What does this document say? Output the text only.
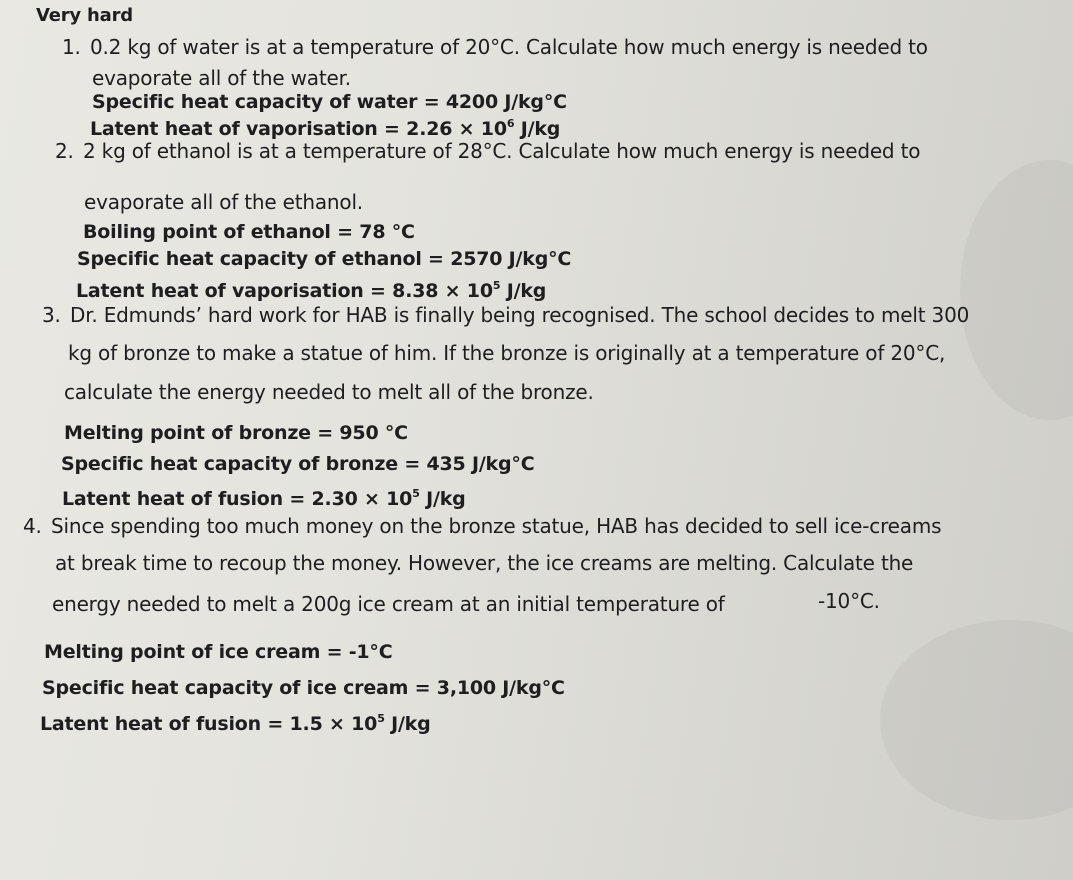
Very hard
1. 0.2 kg of water is at a temperature of 20°C. Calculate how much energy is needed to
evaporate all of the water.
Specific heat capacity of water = 4200 J/kg°C
Latent heat of vaporisation = $2.26 \times 10^6$ J/kg
2. 2 kg of ethanol is at a temperature of 28°C. Calculate how much energy is needed to
evaporate all of the ethanol.
Boiling point of ethanol = 78 °C
Specific heat capacity of ethanol = 2570 J/kg°C
Latent heat of vaporisation = $8.38 \times 10^5$ J/kg
3. Dr. Edmunds’ hard work for HAB is finally being recognised. The school decides to melt 300
kg of bronze to make a statue of him. If the bronze is originally at a temperature of 20°C,
calculate the energy needed to melt all of the bronze.
Melting point of bronze = 950 °C
Specific heat capacity of bronze = 435 J/kg°C
Latent heat of fusion = $2.30 \times 10^5$ J/kg
4. Since spending too much money on the bronze statue, HAB has decided to sell ice-creams
at break time to recoup the money. However, the ice creams are melting. Calculate the
energy needed to melt a 200g ice cream at an initial temperature of	-10°C.
Melting point of ice cream = -1°C
Specific heat capacity of ice cream = 3,100 J/kg°C
Latent heat of fusion = $1.5 \times 10^5$ J/kg
